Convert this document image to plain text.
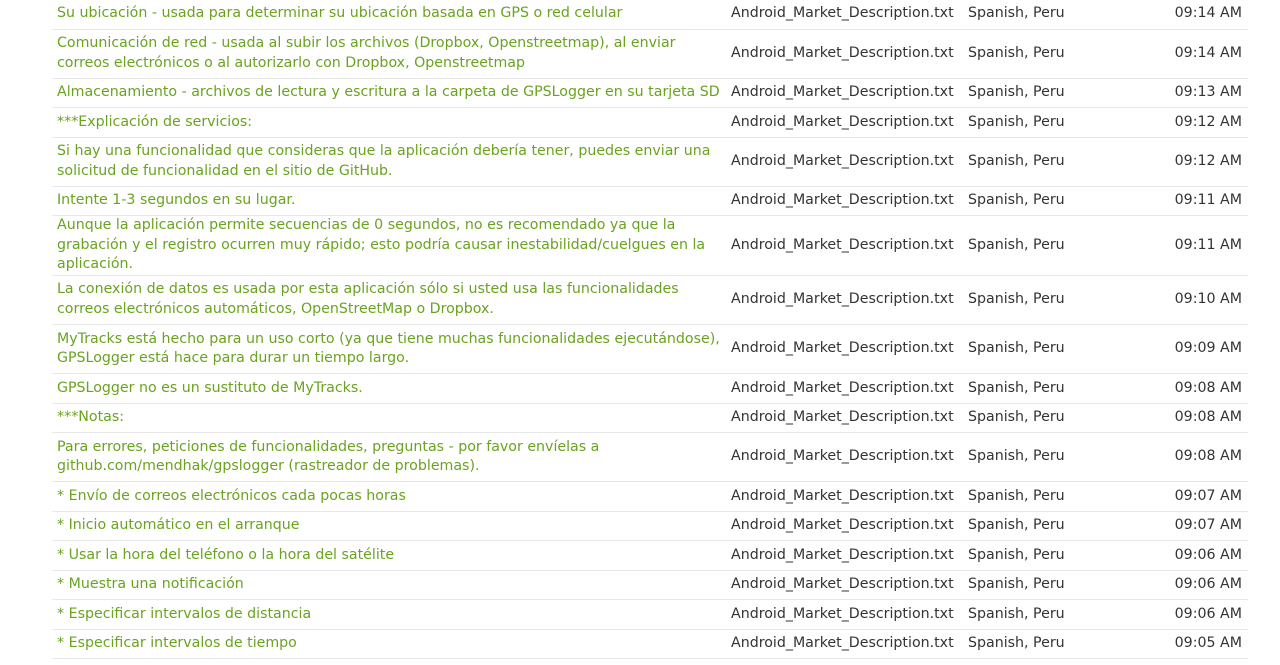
Su ubicación - usada para determinar su ubicación basada en GPS o red celular	Android_Market_Description.txt	Spanish, Peru	09:14 AM
Comunicación de red - usada al subir los archivos (Dropbox, Openstreetmap), al enviar correos electrónicos o al autorizarlo con Dropbox, Openstreetmap	Android_Market_Description.txt	Spanish, Peru	09:14 AM
Almacenamiento - archivos de lectura y escritura a la carpeta de GPSLogger en su tarjeta SD	Android_Market_Description.txt	Spanish, Peru	09:13 AM
***Explicación de servicios:	Android_Market_Description.txt	Spanish, Peru	09:12 AM
Si hay una funcionalidad que consideras que la aplicación debería tener, puedes enviar una solicitud de funcionalidad en el sitio de GitHub.	Android_Market_Description.txt	Spanish, Peru	09:12 AM
Intente 1-3 segundos en su lugar.	Android_Market_Description.txt	Spanish, Peru	09:11 AM
Aunque la aplicación permite secuencias de 0 segundos, no es recomendado ya que la grabación y el registro ocurren muy rápido; esto podría causar inestabilidad/cuelgues en la aplicación.	Android_Market_Description.txt	Spanish, Peru	09:11 AM
La conexión de datos es usada por esta aplicación sólo si usted usa las funcionalidades correos electrónicos automáticos, OpenStreetMap o Dropbox.	Android_Market_Description.txt	Spanish, Peru	09:10 AM
MyTracks está hecho para un uso corto (ya que tiene muchas funcionalidades ejecutándose), GPSLogger está hace para durar un tiempo largo.	Android_Market_Description.txt	Spanish, Peru	09:09 AM
GPSLogger no es un sustituto de MyTracks.	Android_Market_Description.txt	Spanish, Peru	09:08 AM
***Notas:	Android_Market_Description.txt	Spanish, Peru	09:08 AM
Para errores, peticiones de funcionalidades, preguntas - por favor envíelas a github.com/mendhak/gpslogger (rastreador de problemas).	Android_Market_Description.txt	Spanish, Peru	09:08 AM
* Envío de correos electrónicos cada pocas horas	Android_Market_Description.txt	Spanish, Peru	09:07 AM
* Inicio automático en el arranque	Android_Market_Description.txt	Spanish, Peru	09:07 AM
* Usar la hora del teléfono o la hora del satélite	Android_Market_Description.txt	Spanish, Peru	09:06 AM
* Muestra una notificación	Android_Market_Description.txt	Spanish, Peru	09:06 AM
* Especificar intervalos de distancia	Android_Market_Description.txt	Spanish, Peru	09:06 AM
* Especificar intervalos de tiempo	Android_Market_Description.txt	Spanish, Peru	09:05 AM
